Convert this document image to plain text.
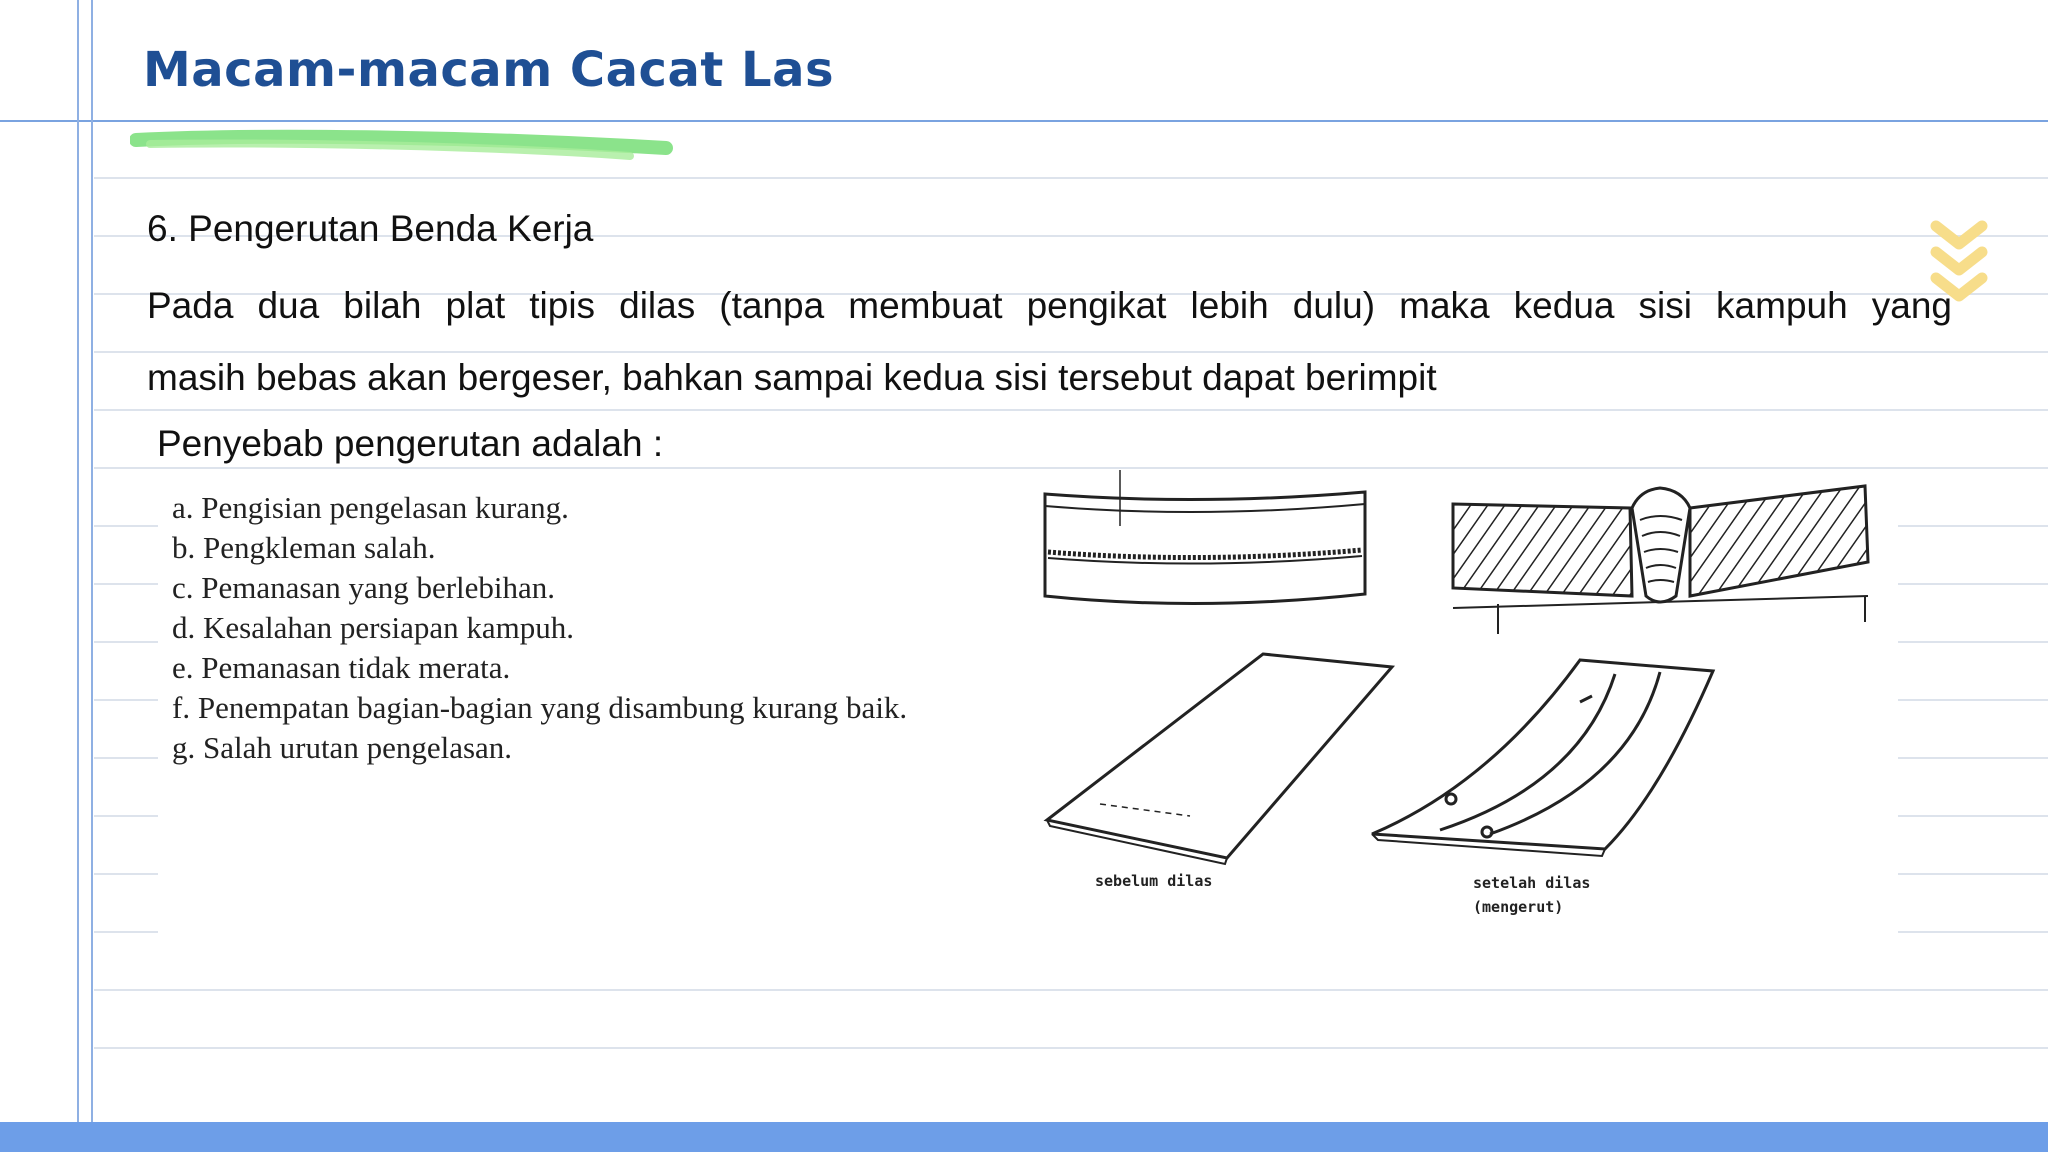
Macam-macam Cacat Las

6. Pengerutan Benda Kerja

Pada dua bilah plat tipis dilas (tanpa membuat pengikat lebih dulu) maka kedua sisi kampuh yang
masih bebas akan bergeser, bahkan sampai kedua sisi tersebut dapat berimpit

Penyebab pengerutan adalah :

a. Pengisian pengelasan kurang.
b. Pengkleman salah.
c. Pemanasan yang berlebihan.
d. Kesalahan persiapan kampuh.
e. Pemanasan tidak merata.
f. Penempatan bagian-bagian yang disambung kurang baik.
g. Salah urutan pengelasan.
sebelum dilas	setelah dilas
(mengerut)
